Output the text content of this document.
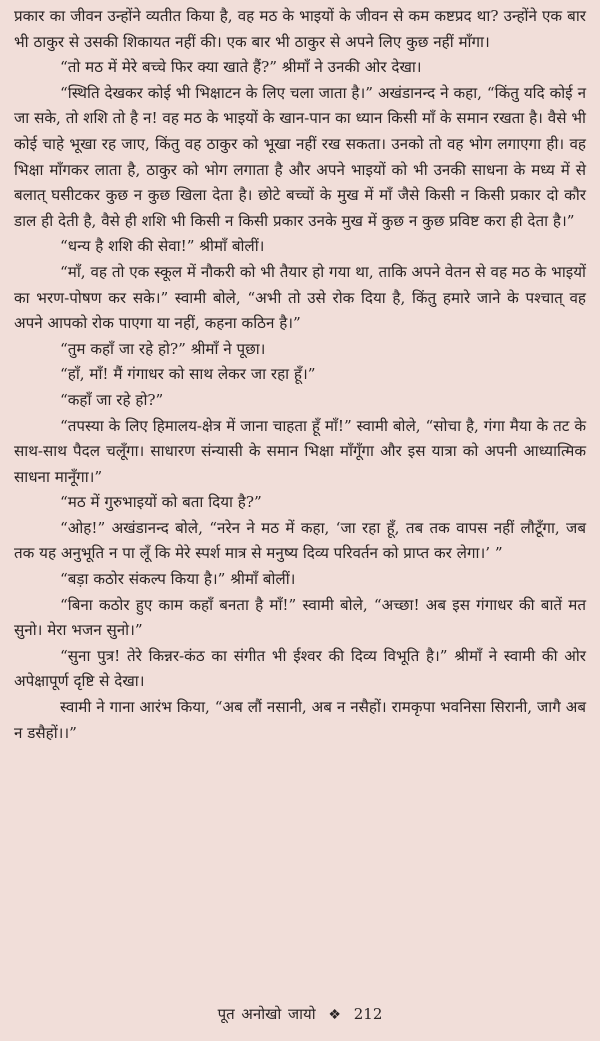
प्रकार का जीवन उन्होंने व्यतीत किया है, वह मठ के भाइयों के जीवन से कम कष्टप्रद था? उन्होंने एक बार भी ठाकुर से उसकी शिकायत नहीं की। एक बार भी ठाकुर से अपने लिए कुछ नहीं माँगा।

“तो मठ में मेरे बच्चे फिर क्या खाते हैं?” श्रीमाँ ने उनकी ओर देखा।

“स्थिति देखकर कोई भी भिक्षाटन के लिए चला जाता है।” अखंडानन्द ने कहा, “किंतु यदि कोई न जा सके, तो शशि तो है न! वह मठ के भाइयों के खान-पान का ध्यान किसी माँ के समान रखता है। वैसे भी कोई चाहे भूखा रह जाए, किंतु वह ठाकुर को भूखा नहीं रख सकता। उनको तो वह भोग लगाएगा ही। वह भिक्षा माँगकर लाता है, ठाकुर को भोग लगाता है और अपने भाइयों को भी उनकी साधना के मध्य में से बलात् घसीटकर कुछ न कुछ खिला देता है। छोटे बच्चों के मुख में माँ जैसे किसी न किसी प्रकार दो कौर डाल ही देती है, वैसे ही शशि भी किसी न किसी प्रकार उनके मुख में कुछ न कुछ प्रविष्ट करा ही देता है।”

“धन्य है शशि की सेवा!” श्रीमाँ बोलीं।

“माँ, वह तो एक स्कूल में नौकरी को भी तैयार हो गया था, ताकि अपने वेतन से वह मठ के भाइयों का भरण-पोषण कर सके।” स्वामी बोले, “अभी तो उसे रोक दिया है, किंतु हमारे जाने के पश्चात् वह अपने आपको रोक पाएगा या नहीं, कहना कठिन है।”

“तुम कहाँ जा रहे हो?” श्रीमाँ ने पूछा।

“हाँ, माँ! मैं गंगाधर को साथ लेकर जा रहा हूँ।”

“कहाँ जा रहे हो?”

“तपस्या के लिए हिमालय-क्षेत्र में जाना चाहता हूँ माँ!” स्वामी बोले, “सोचा है, गंगा मैया के तट के साथ-साथ पैदल चलूँगा। साधारण संन्यासी के समान भिक्षा माँगूँगा और इस यात्रा को अपनी आध्यात्मिक साधना मानूँगा।”

“मठ में गुरुभाइयों को बता दिया है?”

“ओह!” अखंडानन्द बोले, “नरेन ने मठ में कहा, ‘जा रहा हूँ, तब तक वापस नहीं लौटूँगा, जब तक यह अनुभूति न पा लूँ कि मेरे स्पर्श मात्र से मनुष्य दिव्य परिवर्तन को प्राप्त कर लेगा।’ ”

“बड़ा कठोर संकल्प किया है।” श्रीमाँ बोलीं।

“बिना कठोर हुए काम कहाँ बनता है माँ!” स्वामी बोले, “अच्छा! अब इस गंगाधर की बातें मत सुनो। मेरा भजन सुनो।”

“सुना पुत्र! तेरे किन्नर-कंठ का संगीत भी ईश्वर की दिव्य विभूति है।” श्रीमाँ ने स्वामी की ओर अपेक्षापूर्ण दृष्टि से देखा।

स्वामी ने गाना आरंभ किया, “अब लौं नसानी, अब न नसैहों। रामकृपा भवनिसा सिरानी, जागै अब न डसैहों।।”

पूत अनोखो जायो ❖ 212
